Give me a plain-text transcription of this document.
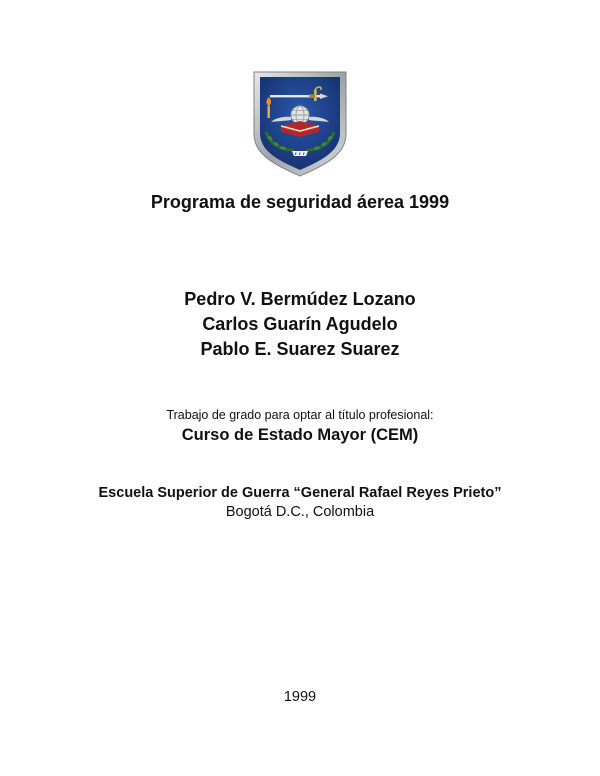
Programa de seguridad áerea 1999
Pedro V. Bermúdez Lozano
Carlos Guarín Agudelo
Pablo E. Suarez Suarez
Trabajo de grado para optar al título profesional:
Curso de Estado Mayor (CEM)
Escuela Superior de Guerra “General Rafael Reyes Prieto”
Bogotá D.C., Colombia
1999
